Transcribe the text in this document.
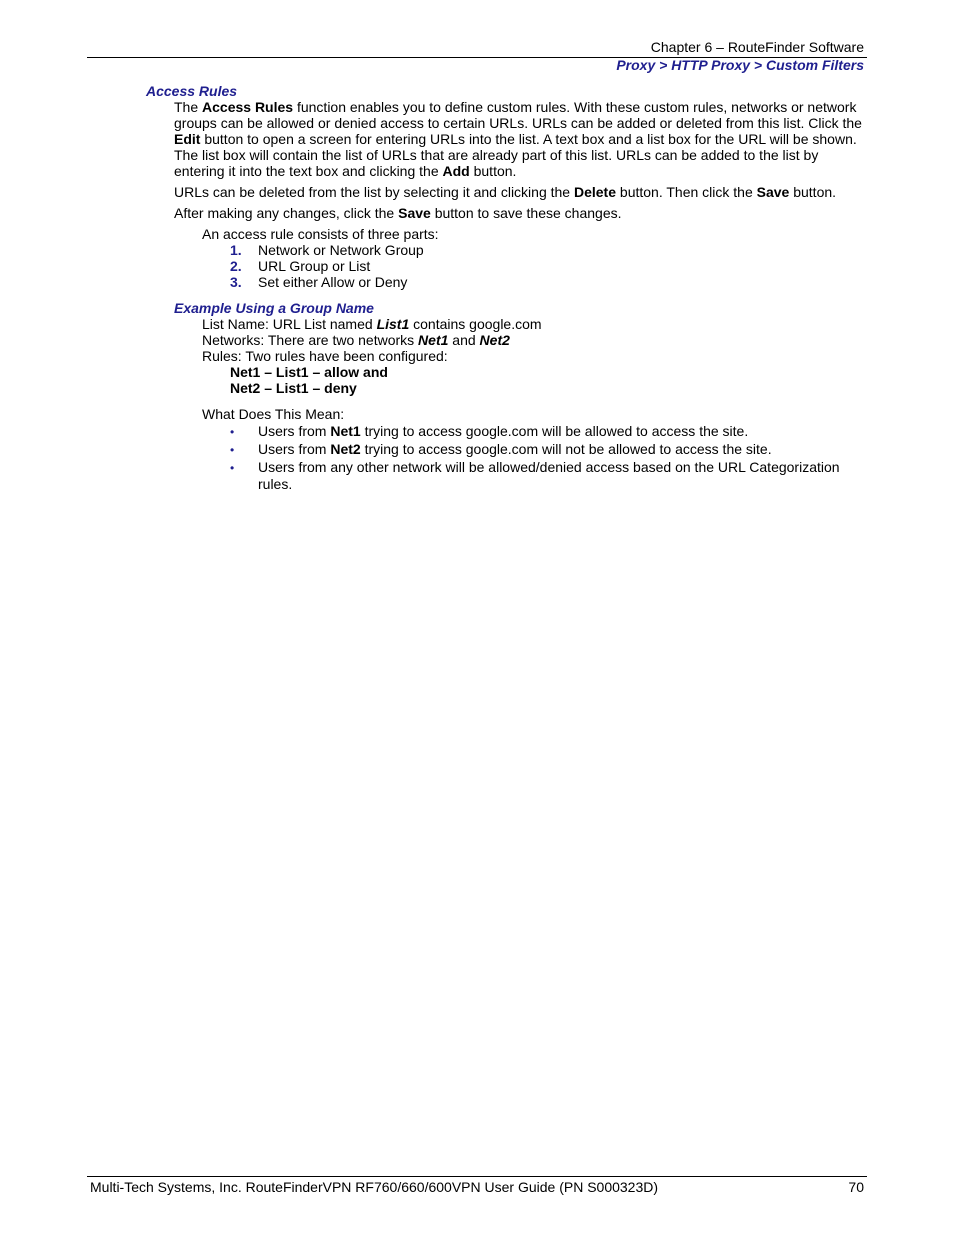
Chapter 6 – RouteFinder Software
Proxy > HTTP Proxy > Custom Filters
Access Rules
The Access Rules function enables you to define custom rules. With these custom rules, networks or network
groups can be allowed or denied access to certain URLs. URLs can be added or deleted from this list. Click the
Edit button to open a screen for entering URLs into the list. A text box and a list box for the URL will be shown.
The list box will contain the list of URLs that are already part of this list. URLs can be added to the list by
entering it into the text box and clicking the Add button.
URLs can be deleted from the list by selecting it and clicking the Delete button. Then click the Save button.
After making any changes, click the Save button to save these changes.
An access rule consists of three parts:
1. Network or Network Group
2. URL Group or List
3. Set either Allow or Deny
Example Using a Group Name
List Name: URL List named List1 contains google.com
Networks: There are two networks Net1 and Net2
Rules: Two rules have been configured:
Net1 – List1 – allow and
Net2 – List1 – deny
What Does This Mean:
• Users from Net1 trying to access google.com will be allowed to access the site.
• Users from Net2 trying to access google.com will not be allowed to access the site.
• Users from any other network will be allowed/denied access based on the URL Categorization
rules.
Multi-Tech Systems, Inc. RouteFinderVPN RF760/660/600VPN User Guide (PN S000323D)	70
